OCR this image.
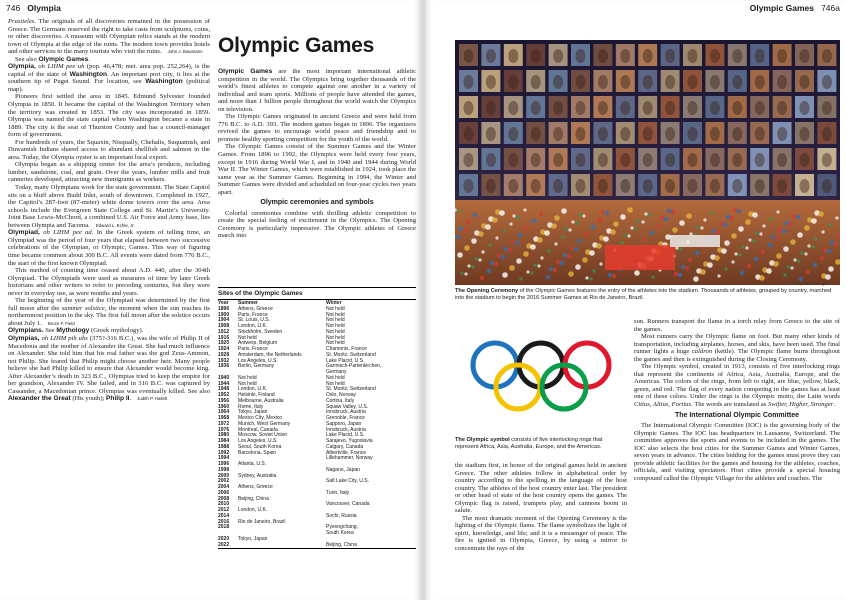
746 Olympia

Prastieles. The originals of all discoveries remained in the possession of Greece. The Germans reserved the right to take casts from sculptures, coins, or other discoveries. A museum with Olympian relics stands at the modern town of Olympia at the edge of the ruins. The modern town provides hotels and other services to the many tourists who visit the ruins. John J. Bawmann

See also Olympic Games.

Olympia, oh LIHM pee uh (pop. 46,478; met. area pop. 252,264), is the capital of the state of Washington. An important port city, it lies at the southern tip of Puget Sound. For location, see Washington (political map).

Pioneers first settled the area in 1845. Edmund Sylvester founded Olympia in 1850. It became the capital of the Washington Territory when the territory was created in 1853. The city was incorporated in 1859. Olympia was named the state capital when Washington became a state in 1889. The city is the seat of Thurston County and has a council-manager form of government.

For hundreds of years, the Squaxin, Nisqually, Chehalis, Suquamish, and Duwamish Indians shared access to abundant shellfish and salmon in the area. Today, the Olympia oyster is an important local export.

Olympia began as a shipping center for the area’s products, including lumber, sandstone, coal, and grain. Over the years, lumber mills and fruit canneries developed, attracting new immigrants as workers.

Today, many Olympians work for the state government. The State Capitol sits on a bluff above Budd Inlet, south of downtown. Completed in 1927, the Capitol’s 287-foot (87-meter) white dome towers over the area. Area schools include the Evergreen State College and St. Martin’s University. Joint Base Lewis-McChord, a combined U.S. Air Force and Army base, lies between Olympia and Tacoma. Edward L. Echle, Jr.

Olympiad, oh LIHM pee ad. In the Greek system of telling time, an Olympiad was the period of four years that elapsed between two successive celebrations of the Olympian, or Olympic, Games. This way of figuring time became common about 300 B.C. All events were dated from 776 B.C., the start of the first known Olympiad.

This method of counting time ceased about A.D. 440, after the 304th Olympiad. The Olympiads were used as measures of time by later Greek historians and other writers to refer to preceding centuries, but they were never in everyday use, as were months and years.

The beginning of the year of the Olympiad was determined by the first full moon after the summer solstice, the moment when the sun reaches its northernmost position in the sky. The first full moon after the solstice occurs about July 1. Bruce F. Field

Olympians. See Mythology (Greek mythology).

Olympias, oh LIHM pih uhs (375?-316 B.C.), was the wife of Philip II of Macedonia and the mother of Alexander the Great. She had much influence on Alexander. She told him that his real father was the god Zeus-Ammon, not Philip. She feared that Philip might choose another heir. Many people believe she had Philip killed to ensure that Alexander would become king. After Alexander’s death in 323 B.C., Olympias tried to keep the empire for her grandson, Alexander IV. She failed, and in 316 B.C. was captured by Cassander, a Macedonian prince. Olympias was eventually killed. See also Alexander the Great (His youth); Philip II. Judith P. Hallett

Olympic Games

Olympic Games are the most important international athletic competition in the world. The Olympics bring together thousands of the world’s finest athletes to compete against one another in a variety of individual and team sports. Millions of people have attended the games, and more than 1 billion people throughout the world watch the Olympics on television.

The Olympic Games originated in ancient Greece and were held from 776 B.C. to A.D. 393. The modern games began in 1896. The organizers revived the games to encourage world peace and friendship and to promote healthy sporting competition for the youth of the world.

The Olympic Games consist of the Summer Games and the Winter Games. From 1896 to 1992, the Olympics were held every four years, except in 1916 during World War I, and in 1940 and 1944 during World War II. The Winter Games, which were established in 1924, took place the same year as the Summer Games. Beginning in 1994, the Winter and Summer Games were divided and scheduled on four-year cycles two years apart.

Olympic ceremonies and symbols

Colorful ceremonies combine with thrilling athletic competition to create the special feeling of excitement in the Olympics. The Opening Ceremony is particularly impressive. The Olympic athletes of Greece march into

Sites of the Olympic Games
Year	Summer	Winter
1896	Athens, Greece	Not held
1900	Paris, France	Not held
1904	St. Louis, U.S.	Not held
1908	London, U.K.	Not held
1912	Stockholm, Sweden	Not held
1916	Not held	Not held
1920	Antwerp, Belgium	Not held
1924	Paris, France	Chamonix, France
1928	Amsterdam, the Netherlands	St. Moritz, Switzerland
1932	Los Angeles, U.S.	Lake Placid, U.S.
1936	Berlin, Germany	Garmisch-Partenkirchen,
		Germany
1940	Not held	Not held
1944	Not held	Not held
1948	London, U.K.	St. Moritz, Switzerland
1952	Helsinki, Finland	Oslo, Norway
1956	Melbourne, Australia	Cortina, Italy
1960	Rome, Italy	Squaw Valley, U.S.
1964	Tokyo, Japan	Innsbruck, Austria
1968	Mexico City, Mexico	Grenoble, France
1972	Munich, West Germany	Sapporo, Japan
1976	Montreal, Canada	Innsbruck, Austria
1980	Moscow, Soviet Union	Lake Placid, U.S.
1984	Los Angeles, U.S.	Sarajevo, Yugoslavia
1988	Seoul, South Korea	Calgary, Canada
1992	Barcelona, Spain	Albertville, France
1994		Lillehammer, Norway
1996	Atlanta, U.S.	
1998		Nagano, Japan
2000	Sydney, Australia	
2002		Salt Lake City, U.S.
2004	Athens, Greece	
2006		Turin, Italy
2008	Beijing, China	
2010		Vancouver, Canada
2012	London, U.K.	
2014		Sochi, Russia
2016	Rio de Janeiro, Brazil	
2018		Pyeongchang,
		South Korea
2020	Tokyo, Japan	
2022		Beijing, China
Olympic Games 746a
© Ryoichi/AP Images
The Opening Ceremony of the Olympic Games features the entry of the athletes into the stadium. Thousands of athletes, grouped by country, marched into the stadium to begin the 2016 Summer Games at Rio de Janeiro, Brazil.
The Olympic symbol consists of five interlocking rings that represent Africa, Asia, Australia, Europe, and the Americas.

the stadium first, in honor of the original games held in ancient Greece. The other athletes follow in alphabetical order by country according to the spelling in the language of the host country. The athletes of the host country enter last. The president or other head of state of the host country opens the games. The Olympic flag is raised, trumpets play, and cannons boom in salute.

The most dramatic moment of the Opening Ceremony is the lighting of the Olympic flame. The flame symbolizes the light of spirit, knowledge, and life; and it is a messenger of peace. The fire is ignited in Olympia, Greece, by using a mirror to concentrate the rays of the

sun. Runners transport the flame in a torch relay from Greece to the site of the games.

Most runners carry the Olympic flame on foot. But many other kinds of transportation, including airplanes, horses, and skis, have been used. The final runner lights a huge caldron (kettle). The Olympic flame burns throughout the games and then is extinguished during the Closing Ceremony.

The Olympic symbol, created in 1913, consists of five interlocking rings that represent the continents of Africa, Asia, Australia, Europe, and the Americas. The colors of the rings, from left to right, are blue, yellow, black, green, and red. The flag of every nation competing in the games has at least one of these colors. Under the rings is the Olympic motto, the Latin words Citius, Altius, Fortius. The words are translated as Swifter, Higher, Stronger.

The International Olympic Committee

The International Olympic Committee (IOC) is the governing body of the Olympic Games. The IOC has headquarters in Lausanne, Switzerland. The committee approves the sports and events to be included in the games. The IOC also selects the host cities for the Summer Games and Winter Games, seven years in advance. The cities bidding for the games must prove they can provide athletic facilities for the games and housing for the athletes, coaches, officials, and visiting spectators. Host cities provide a special housing compound called the Olympic Village for the athletes and coaches. The
